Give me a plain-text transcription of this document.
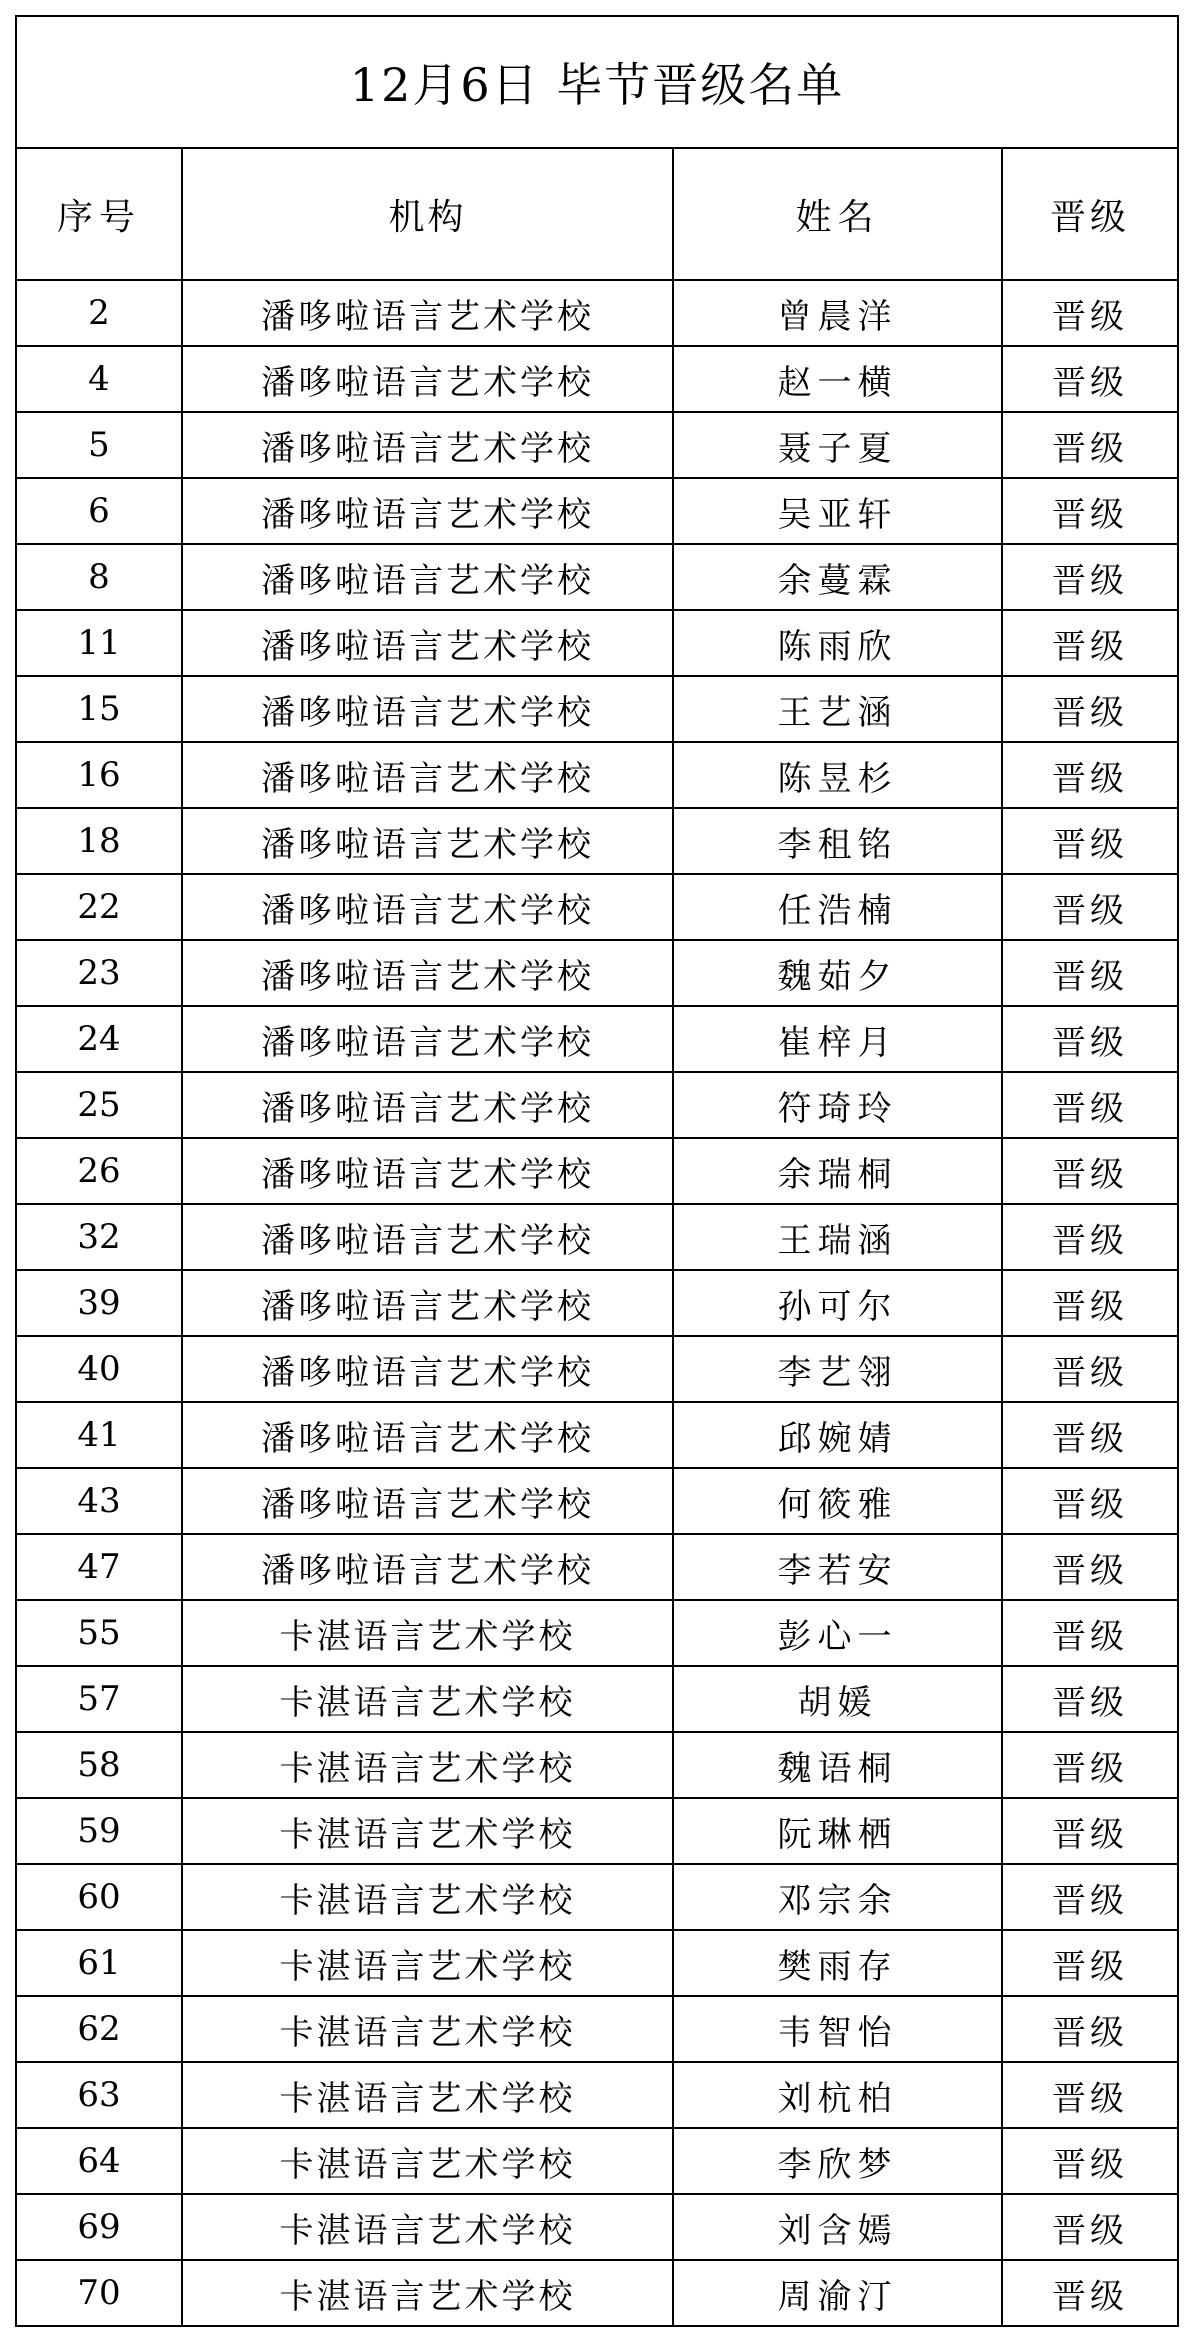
12月6日 毕节晋级名单			
序号	机构	姓名	晋级
2	潘哆啦语言艺术学校	曾晨洋	晋级
4	潘哆啦语言艺术学校	赵一横	晋级
5	潘哆啦语言艺术学校	聂子夏	晋级
6	潘哆啦语言艺术学校	吴亚轩	晋级
8	潘哆啦语言艺术学校	余蔓霖	晋级
11	潘哆啦语言艺术学校	陈雨欣	晋级
15	潘哆啦语言艺术学校	王艺涵	晋级
16	潘哆啦语言艺术学校	陈昱杉	晋级
18	潘哆啦语言艺术学校	李租铭	晋级
22	潘哆啦语言艺术学校	任浩楠	晋级
23	潘哆啦语言艺术学校	魏茹夕	晋级
24	潘哆啦语言艺术学校	崔梓月	晋级
25	潘哆啦语言艺术学校	符琦玲	晋级
26	潘哆啦语言艺术学校	余瑞桐	晋级
32	潘哆啦语言艺术学校	王瑞涵	晋级
39	潘哆啦语言艺术学校	孙可尔	晋级
40	潘哆啦语言艺术学校	李艺翎	晋级
41	潘哆啦语言艺术学校	邱婉婧	晋级
43	潘哆啦语言艺术学校	何筱雅	晋级
47	潘哆啦语言艺术学校	李若安	晋级
55	卡湛语言艺术学校	彭心一	晋级
57	卡湛语言艺术学校	胡媛	晋级
58	卡湛语言艺术学校	魏语桐	晋级
59	卡湛语言艺术学校	阮琳栖	晋级
60	卡湛语言艺术学校	邓宗余	晋级
61	卡湛语言艺术学校	樊雨存	晋级
62	卡湛语言艺术学校	韦智怡	晋级
63	卡湛语言艺术学校	刘杭柏	晋级
64	卡湛语言艺术学校	李欣梦	晋级
69	卡湛语言艺术学校	刘含嫣	晋级
70	卡湛语言艺术学校	周渝汀	晋级
